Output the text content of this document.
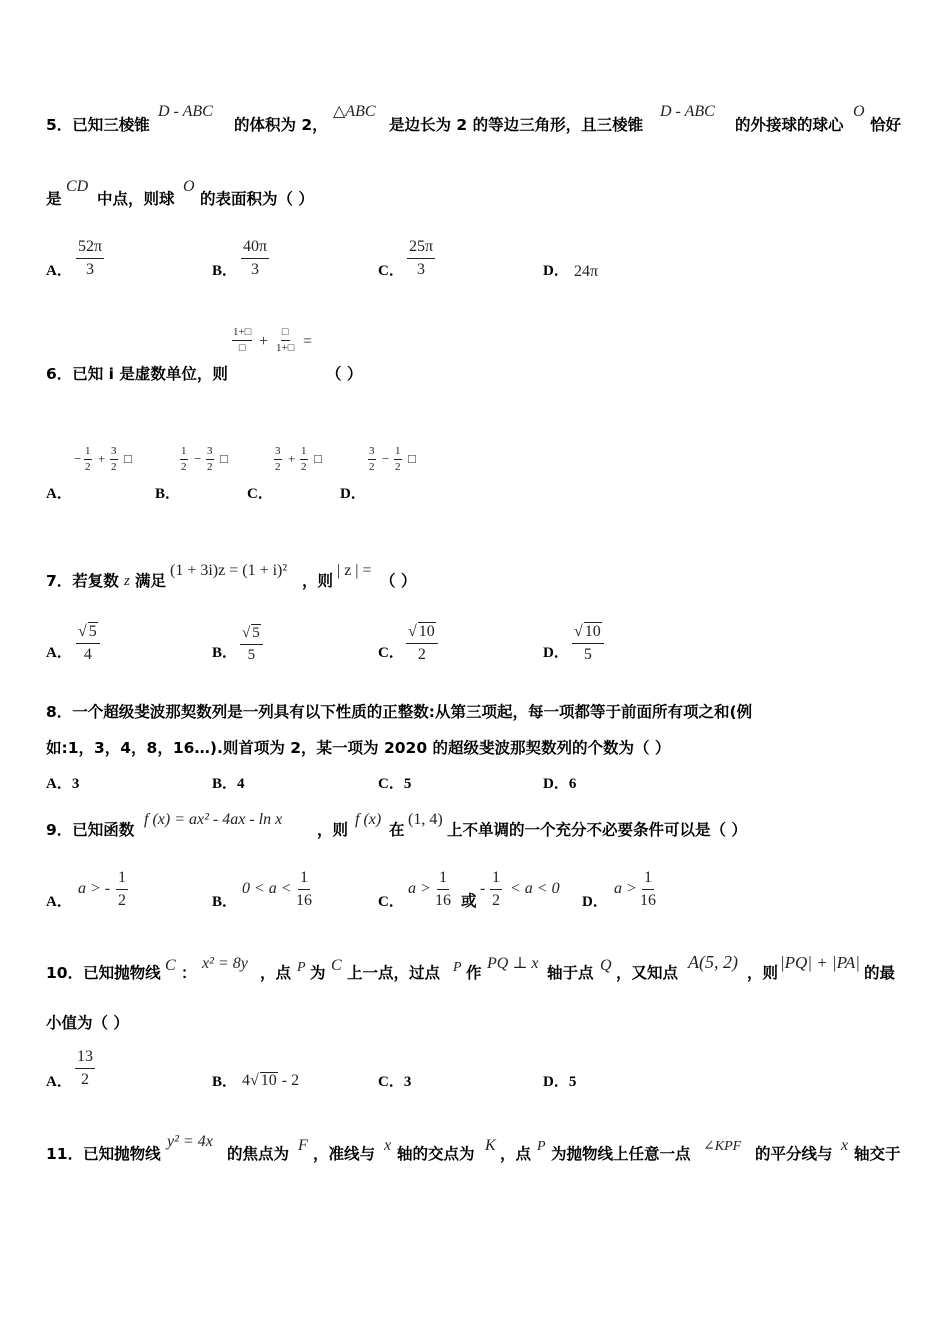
5．已知三棱锥
D - ABC
的体积为 2，
△ABC
是边长为 2 的等边三角形，且三棱锥
D - ABC
的外接球的球心
O
恰好
是
CD
中点，则球
O
的表面积为（ ）
A． $\frac{52\pi}{3}$	B． $\frac{40\pi}{3}$	C． $\frac{25\pi}{3}$	D． 24π
1+□
□ +
□
1+□ =
6．已知 i 是虚数单位，则	（ ）
− $\frac{1}{2} + \frac{3}{2}$ □
A．
$\frac{1}{2} - \frac{3}{2}$ □
B．
$\frac{3}{2} + \frac{1}{2}$ □
C．
$\frac{3}{2} - \frac{1}{2}$ □
D．
7．若复数 z 满足
(1 + 3i)z = (1 + i)²
，则
| z | =
（ ）
A． $\frac{√ 5}{4}$	B． $\frac{√ 5}{5}$	C． $\frac{√ 10}{2}$	D． $\frac{√ 10}{5}$
8．一个超级斐波那契数列是一列具有以下性质的正整数:从第三项起，每一项都等于前面所有项之和(例
如:1，3，4，8，16…).则首项为 2，某一项为 2020 的超级斐波那契数列的个数为（ ）
A．3	B．4	C．5	D．6
9．已知函数
f (x) = ax² - 4ax - ln x
，则
f (x)
在
(1, 4)
上不单调的一个充分不必要条件可以是（ ）
A．
a > - $\frac{1}{2}$	B．
$0 < a < \frac{1}{16}$	C．
$a > \frac{1}{16}$ 或
- $\frac{1}{2} < a < 0$
D．
$a > \frac{1}{16}$
10．已知抛物线 C ：
x² = 8y
，点 P 为 C 上一点，过点 P 作
PQ ⊥ x
轴于点 Q ，又知点
A(5, 2)
，则
|PQ| + |PA|
的最
小值为（ ）
A． $\frac{13}{2}$	B． 4√ 10 - 2	C．3	D．5
11．已知抛物线
y² = 4x
的焦点为 F ，准线与 x 轴的交点为 K ，点 P 为抛物线上任意一点 ∠KPF 的平分线与 x 轴交于
